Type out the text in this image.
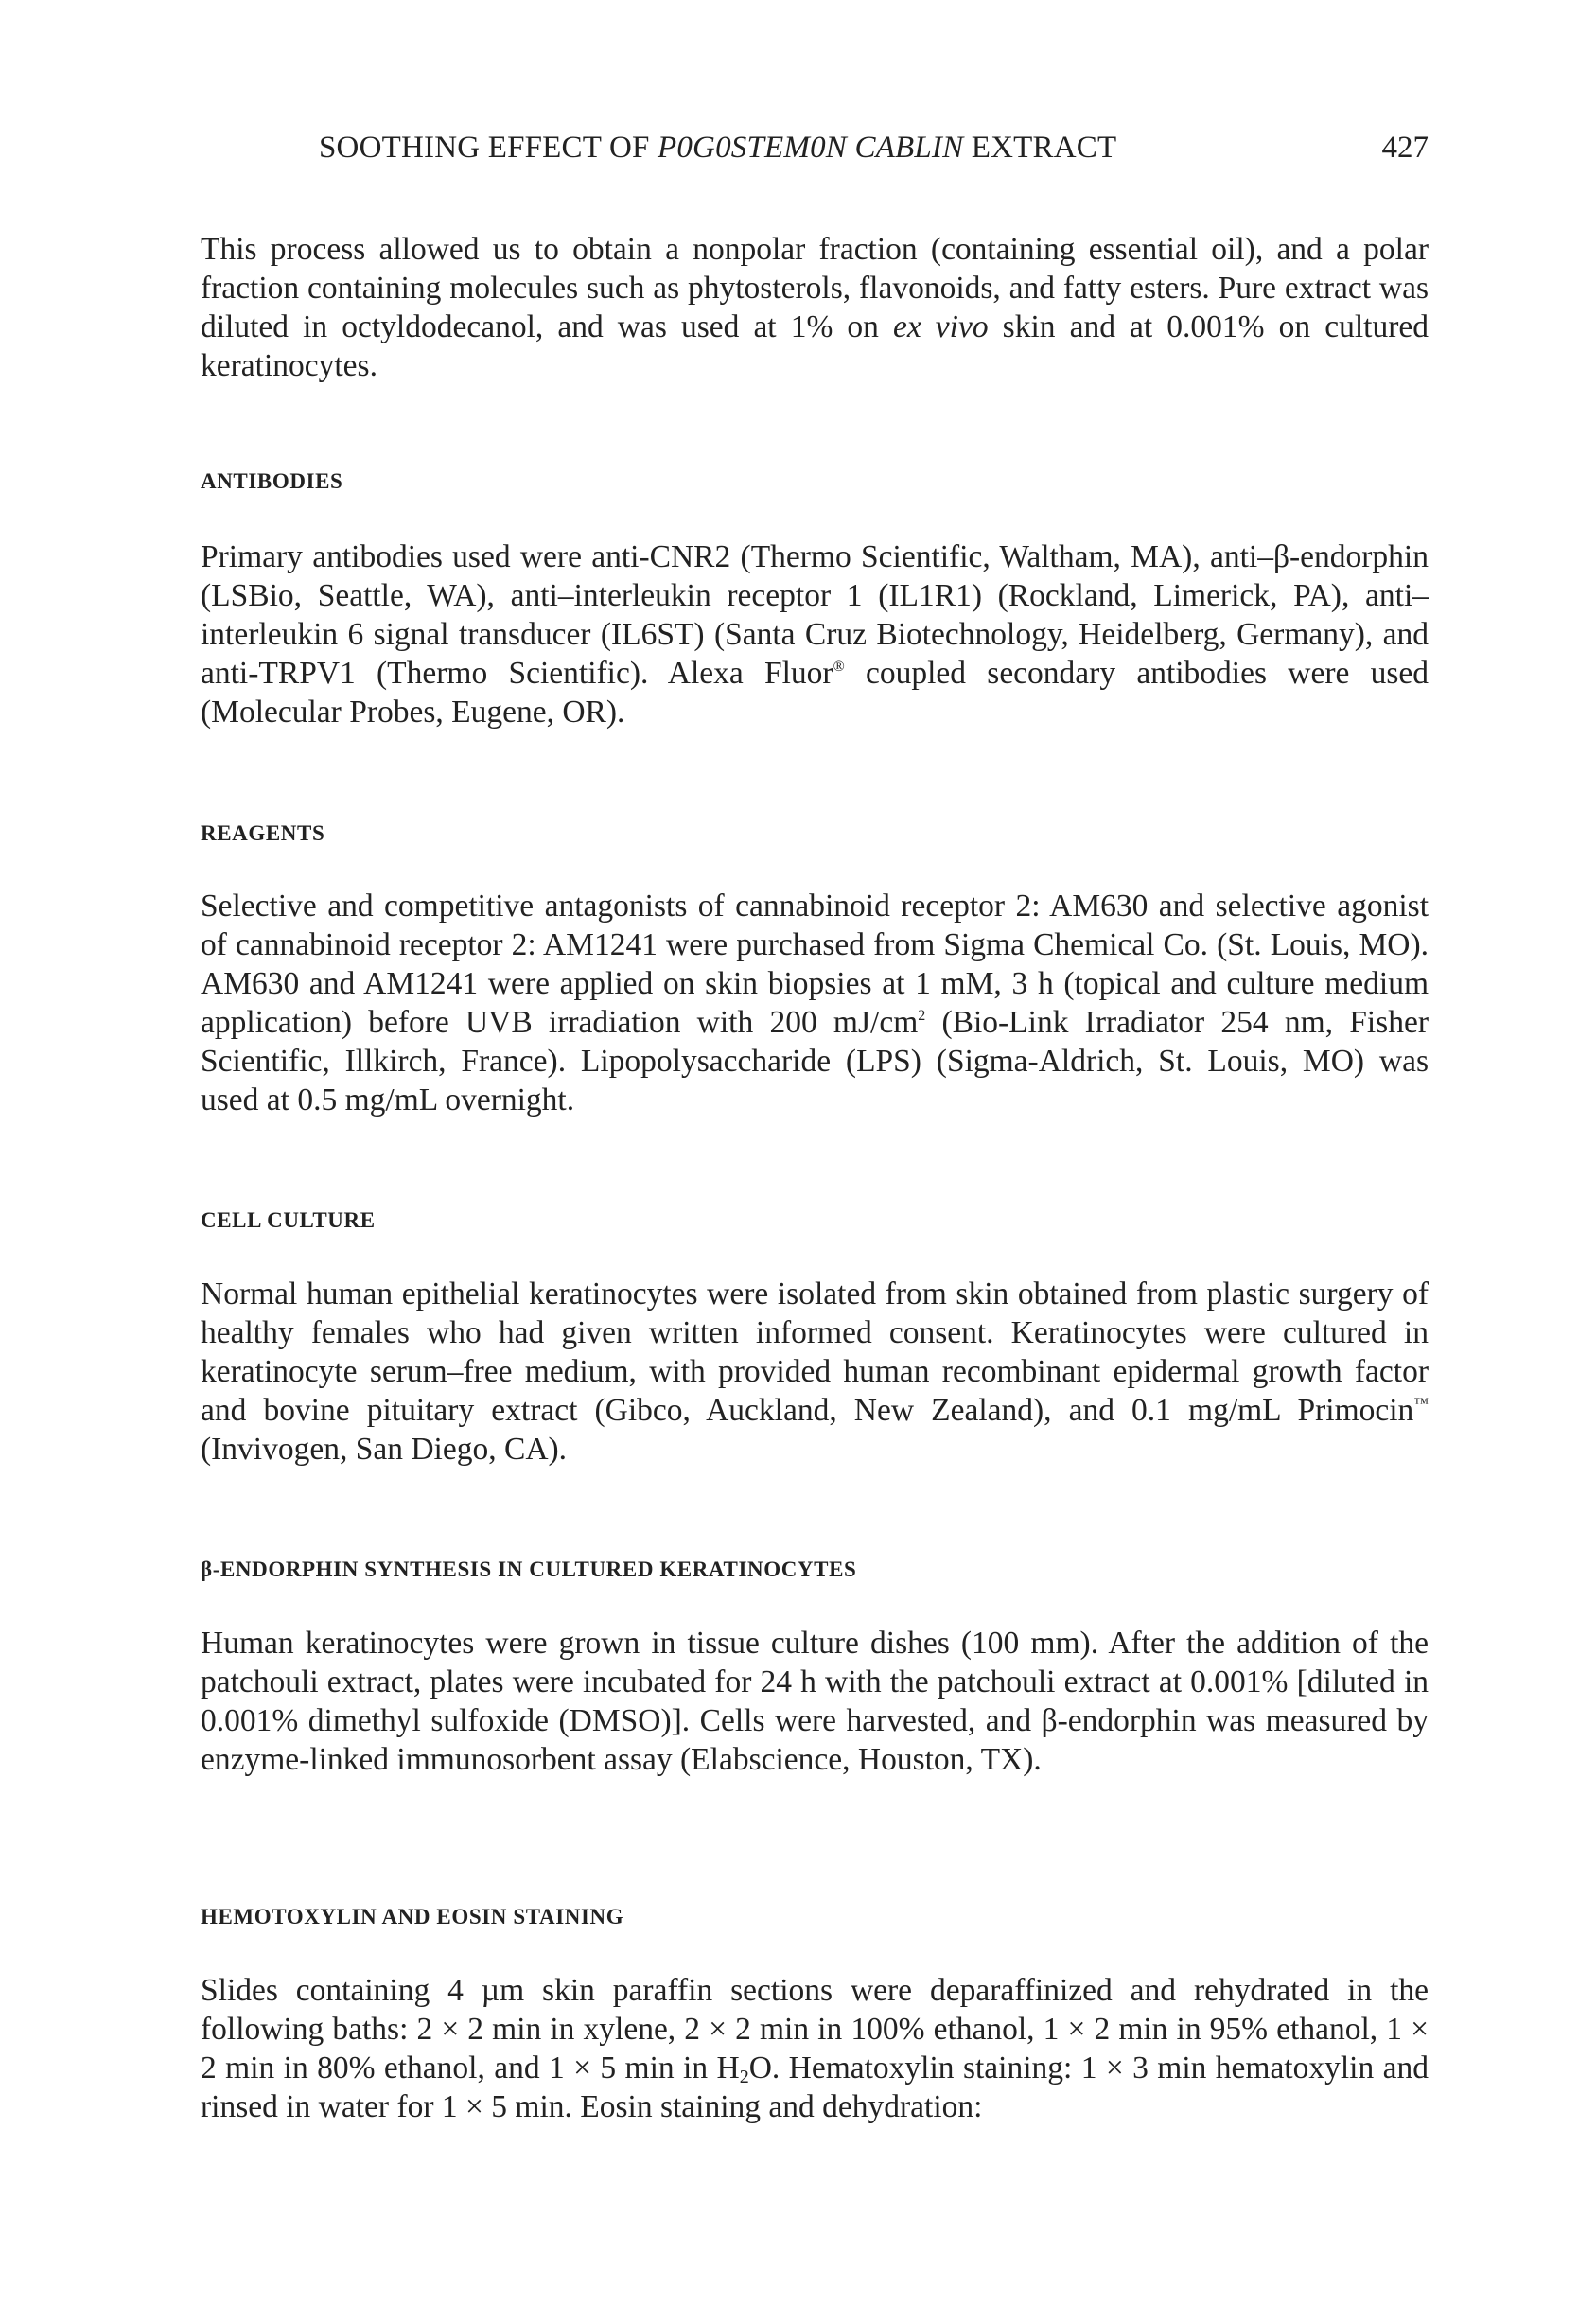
SOOTHING EFFECT OF P0G0STEM0N CABLIN EXTRACT	427

This process allowed us to obtain a nonpolar fraction (containing essential oil), and a polar fraction containing molecules such as phytosterols, flavonoids, and fatty esters. Pure extract was diluted in octyldodecanol, and was used at 1% on ex vivo skin and at 0.001% on cultured keratinocytes.

ANTIBODIES

Primary antibodies used were anti-CNR2 (Thermo Scientific, Waltham, MA), anti–β-endorphin (LSBio, Seattle, WA), anti–interleukin receptor 1 (IL1R1) (Rockland, Limerick, PA), anti–interleukin 6 signal transducer (IL6ST) (Santa Cruz Biotechnology, Heidelberg, Germany), and anti-TRPV1 (Thermo Scientific). Alexa Fluor® coupled secondary antibodies were used (Molecular Probes, Eugene, OR).

REAGENTS

Selective and competitive antagonists of cannabinoid receptor 2: AM630 and selective agonist of cannabinoid receptor 2: AM1241 were purchased from Sigma Chemical Co. (St. Louis, MO). AM630 and AM1241 were applied on skin biopsies at 1 mM, 3 h (topical and culture medium application) before UVB irradiation with 200 $mJ/cm^2$ (Bio-Link Irradiator 254 nm, Fisher Scientific, Illkirch, France). Lipopolysaccharide (LPS) (Sigma-Aldrich, St. Louis, MO) was used at 0.5 mg/mL overnight.

CELL CULTURE

Normal human epithelial keratinocytes were isolated from skin obtained from plastic surgery of healthy females who had given written informed consent. Keratinocytes were cultured in keratinocyte serum–free medium, with provided human recombinant epidermal growth factor and bovine pituitary extract (Gibco, Auckland, New Zealand), and 0.1 mg/mL Primocin™ (Invivogen, San Diego, CA).

β-ENDORPHIN SYNTHESIS IN CULTURED KERATINOCYTES

Human keratinocytes were grown in tissue culture dishes (100 mm). After the addition of the patchouli extract, plates were incubated for 24 h with the patchouli extract at 0.001% [diluted in 0.001% dimethyl sulfoxide (DMSO)]. Cells were harvested, and β-endorphin was measured by enzyme-linked immunosorbent assay (Elabscience, Houston, TX).

HEMOTOXYLIN AND EOSIN STAINING

Slides containing 4 µm skin paraffin sections were deparaffinized and rehydrated in the following baths: 2 × 2 min in xylene, 2 × 2 min in 100% ethanol, 1 × 2 min in 95% ethanol, 1 × 2 min in 80% ethanol, and 1 × 5 min in $H_2O$. Hematoxylin staining: 1 × 3 min hematoxylin and rinsed in water for 1 × 5 min. Eosin staining and dehydration:
